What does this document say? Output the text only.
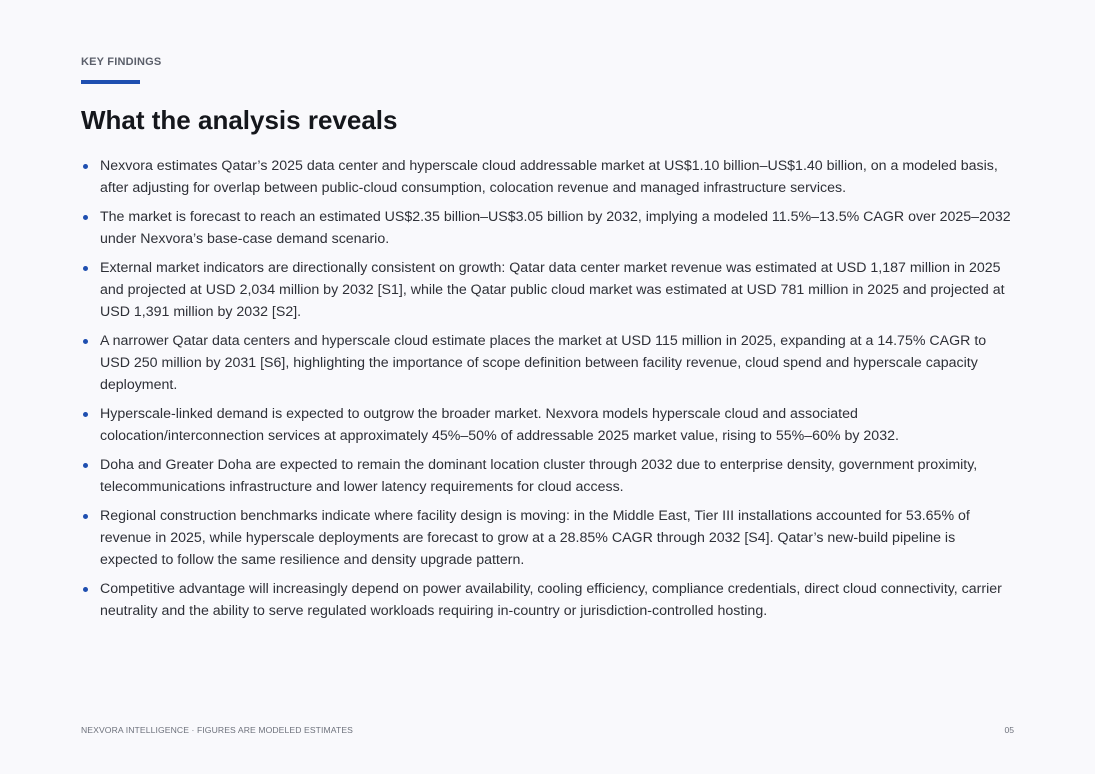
KEY FINDINGS
What the analysis reveals
Nexvora estimates Qatar’s 2025 data center and hyperscale cloud addressable market at US$1.10 billion–US$1.40 billion, on a modeled basis, after adjusting for overlap between public-cloud consumption, colocation revenue and managed infrastructure services.
The market is forecast to reach an estimated US$2.35 billion–US$3.05 billion by 2032, implying a modeled 11.5%–13.5% CAGR over 2025–2032 under Nexvora’s base-case demand scenario.
External market indicators are directionally consistent on growth: Qatar data center market revenue was estimated at USD 1,187 million in 2025 and projected at USD 2,034 million by 2032 [S1], while the Qatar public cloud market was estimated at USD 781 million in 2025 and projected at USD 1,391 million by 2032 [S2].
A narrower Qatar data centers and hyperscale cloud estimate places the market at USD 115 million in 2025, expanding at a 14.75% CAGR to USD 250 million by 2031 [S6], highlighting the importance of scope definition between facility revenue, cloud spend and hyperscale capacity deployment.
Hyperscale-linked demand is expected to outgrow the broader market. Nexvora models hyperscale cloud and associated colocation/interconnection services at approximately 45%–50% of addressable 2025 market value, rising to 55%–60% by 2032.
Doha and Greater Doha are expected to remain the dominant location cluster through 2032 due to enterprise density, government proximity, telecommunications infrastructure and lower latency requirements for cloud access.
Regional construction benchmarks indicate where facility design is moving: in the Middle East, Tier III installations accounted for 53.65% of revenue in 2025, while hyperscale deployments are forecast to grow at a 28.85% CAGR through 2032 [S4]. Qatar’s new-build pipeline is expected to follow the same resilience and density upgrade pattern.
Competitive advantage will increasingly depend on power availability, cooling efficiency, compliance credentials, direct cloud connectivity, carrier neutrality and the ability to serve regulated workloads requiring in-country or jurisdiction-controlled hosting.
NEXVORA INTELLIGENCE · FIGURES ARE MODELED ESTIMATES	05
